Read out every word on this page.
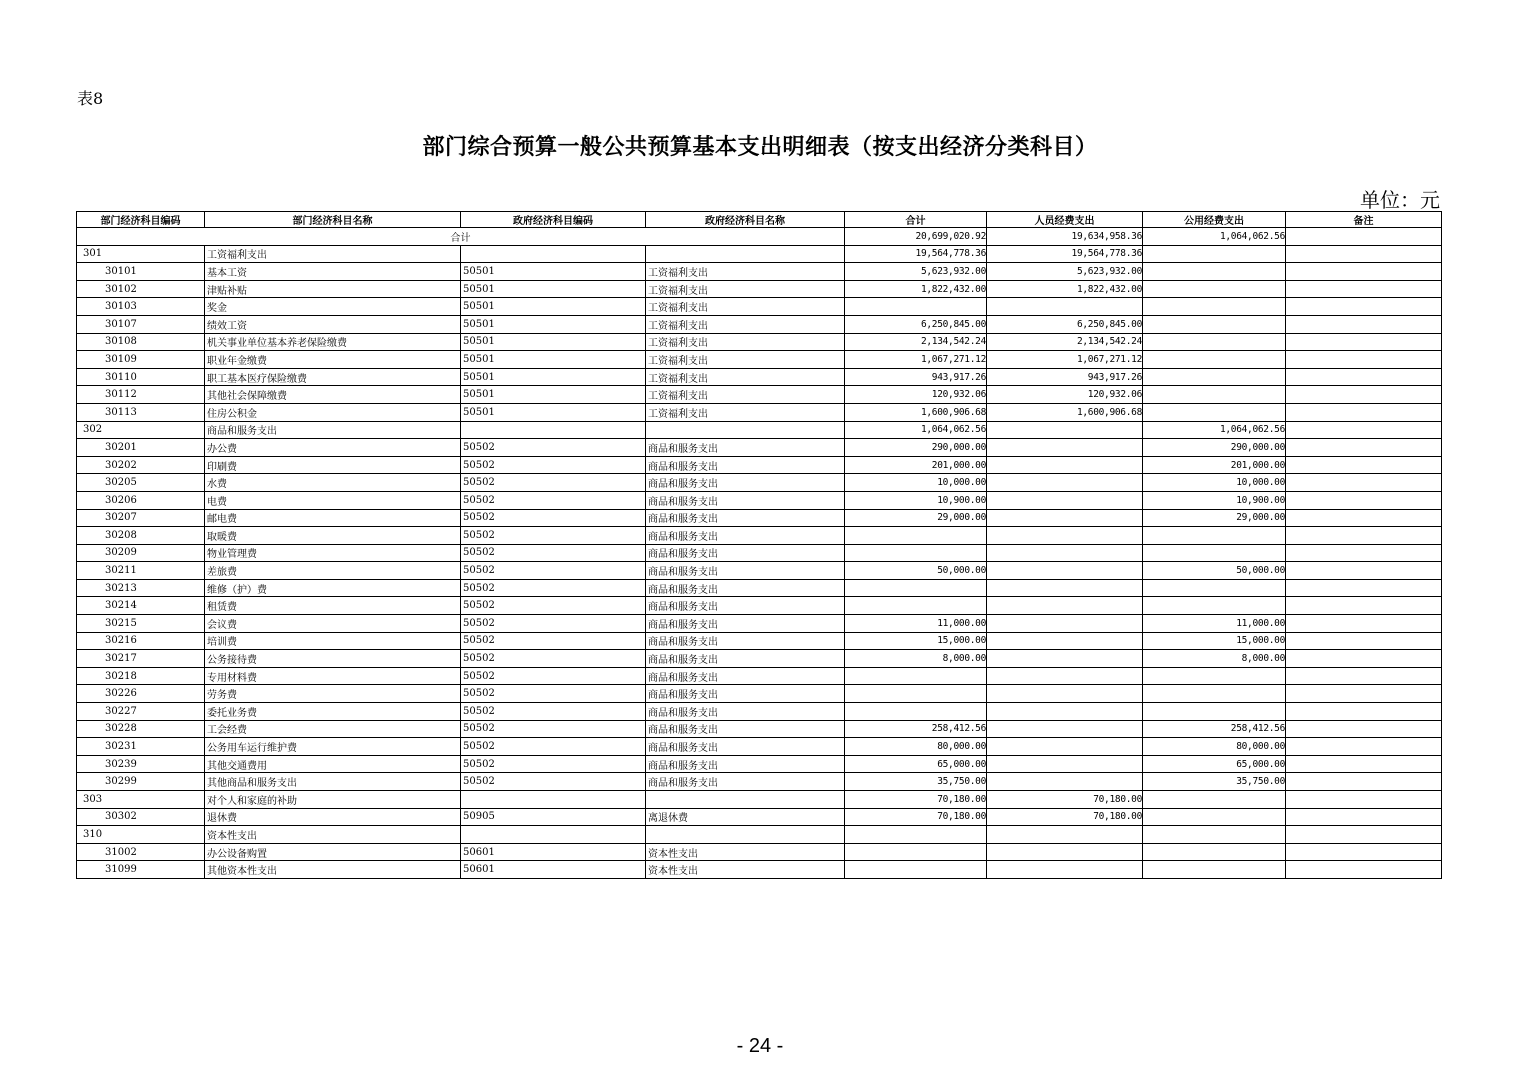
表8
部门综合预算一般公共预算基本支出明细表（按支出经济分类科目）
单位：元
部门经济科目编码	部门经济科目名称	政府经济科目编码	政府经济科目名称	合计	人员经费支出	公用经费支出	备注
合计				20,699,020.92	19,634,958.36	1,064,062.56	
301	工资福利支出			19,564,778.36	19,564,778.36		
30101	基本工资	50501	工资福利支出	5,623,932.00	5,623,932.00		
30102	津贴补贴	50501	工资福利支出	1,822,432.00	1,822,432.00		
30103	奖金	50501	工资福利支出				
30107	绩效工资	50501	工资福利支出	6,250,845.00	6,250,845.00		
30108	机关事业单位基本养老保险缴费	50501	工资福利支出	2,134,542.24	2,134,542.24		
30109	职业年金缴费	50501	工资福利支出	1,067,271.12	1,067,271.12		
30110	职工基本医疗保险缴费	50501	工资福利支出	943,917.26	943,917.26		
30112	其他社会保障缴费	50501	工资福利支出	120,932.06	120,932.06		
30113	住房公积金	50501	工资福利支出	1,600,906.68	1,600,906.68		
302	商品和服务支出			1,064,062.56		1,064,062.56	
30201	办公费	50502	商品和服务支出	290,000.00		290,000.00	
30202	印刷费	50502	商品和服务支出	201,000.00		201,000.00	
30205	水费	50502	商品和服务支出	10,000.00		10,000.00	
30206	电费	50502	商品和服务支出	10,900.00		10,900.00	
30207	邮电费	50502	商品和服务支出	29,000.00		29,000.00	
30208	取暖费	50502	商品和服务支出				
30209	物业管理费	50502	商品和服务支出				
30211	差旅费	50502	商品和服务支出	50,000.00		50,000.00	
30213	维修（护）费	50502	商品和服务支出				
30214	租赁费	50502	商品和服务支出				
30215	会议费	50502	商品和服务支出	11,000.00		11,000.00	
30216	培训费	50502	商品和服务支出	15,000.00		15,000.00	
30217	公务接待费	50502	商品和服务支出	8,000.00		8,000.00	
30218	专用材料费	50502	商品和服务支出				
30226	劳务费	50502	商品和服务支出				
30227	委托业务费	50502	商品和服务支出				
30228	工会经费	50502	商品和服务支出	258,412.56		258,412.56	
30231	公务用车运行维护费	50502	商品和服务支出	80,000.00		80,000.00	
30239	其他交通费用	50502	商品和服务支出	65,000.00		65,000.00	
30299	其他商品和服务支出	50502	商品和服务支出	35,750.00		35,750.00	
303	对个人和家庭的补助			70,180.00	70,180.00		
30302	退休费	50905	离退休费	70,180.00	70,180.00		
310	资本性支出						
31002	办公设备购置	50601	资本性支出				
31099	其他资本性支出	50601	资本性支出				
- 24 -
